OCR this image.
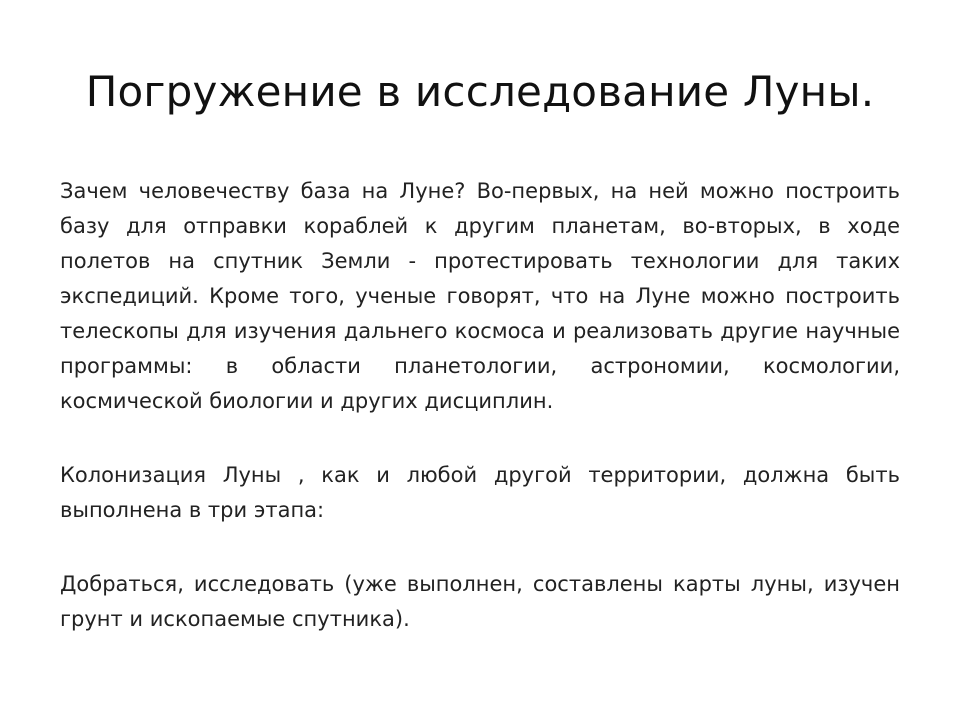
Погружение в исследование Луны.

Зачем человечеству база на Луне? Во-первых, на ней можно построить базу для отправки кораблей к другим планетам, во-вторых, в ходе полетов на спутник Земли - протестировать технологии для таких экспедиций. Кроме того, ученые говорят, что на Луне можно построить телескопы для изучения дальнего космоса и реализовать другие научные программы: в области планетологии, астрономии, космологии, космической биологии и других дисциплин.

Колонизация Луны , как и любой другой территории, должна быть выполнена в три этапа:

Добраться, исследовать (уже выполнен, составлены карты луны, изучен грунт и ископаемые спутника).
